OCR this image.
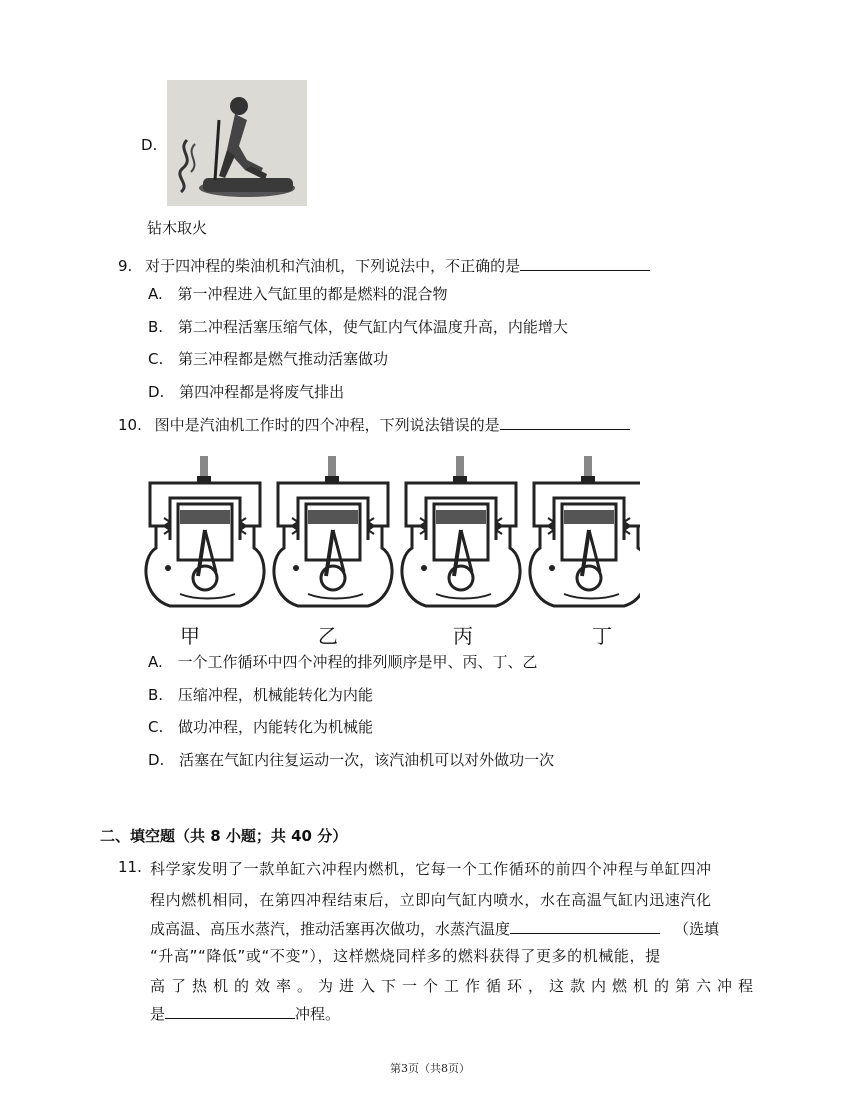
D.
钻木取火
9. 对于四冲程的柴油机和汽油机，下列说法中，不正确的是
A. 第一冲程进入气缸里的都是燃料的混合物
B. 第二冲程活塞压缩气体，使气缸内气体温度升高，内能增大
C. 第三冲程都是燃气推动活塞做功
D. 第四冲程都是将废气排出
10. 图中是汽油机工作时的四个冲程，下列说法错误的是
甲	乙	丙	丁
A. 一个工作循环中四个冲程的排列顺序是甲、丙、丁、乙
B. 压缩冲程，机械能转化为内能
C. 做功冲程，内能转化为机械能
D. 活塞在气缸内往复运动一次，该汽油机可以对外做功一次
二、填空题（共 8 小题；共 40 分）
11. 科学家发明了一款单缸六冲程内燃机，它每一个工作循环的前四个冲程与单缸四冲
程内燃机相同，在第四冲程结束后，立即向气缸内喷水，水在高温气缸内迅速汽化
成高温、高压水蒸汽，推动活塞再次做功，水蒸汽温度	（选填
“升高”“降低”或“不变”），这样燃烧同样多的燃料获得了更多的机械能，提
高了热机的效率。为进入下一个工作循环，这款内燃机的第六冲程
是	冲程。
第3页（共8页）
